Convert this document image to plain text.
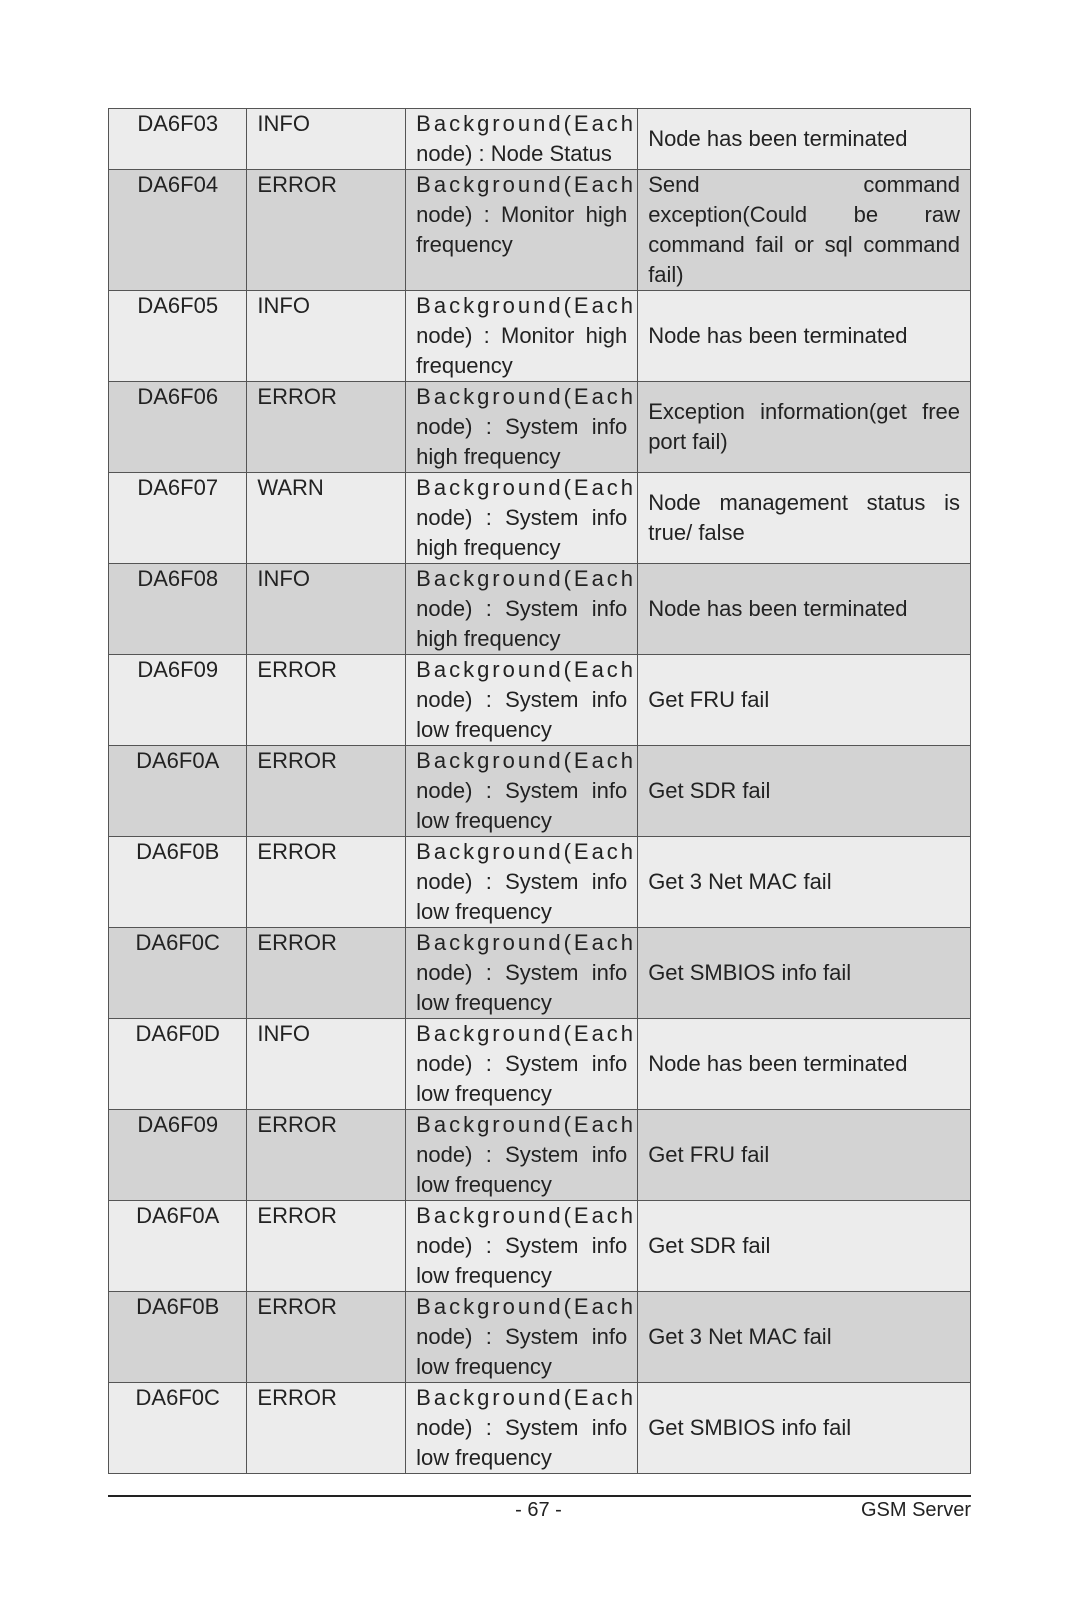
DA6F03	INFO	Background(Each
node) : Node Status	Node has been terminated
DA6F04	ERROR	Background(Each
node) : Monitor high frequency	Send command exception(Could be raw command fail or sql command fail)
DA6F05	INFO	Background(Each
node) : Monitor high frequency	Node has been terminated
DA6F06	ERROR	Background(Each
node) : System info high frequency	Exception information(get free port fail)
DA6F07	WARN	Background(Each
node) : System info high frequency	Node management status is true/ false
DA6F08	INFO	Background(Each
node) : System info high frequency	Node has been terminated
DA6F09	ERROR	Background(Each
node) : System info low frequency	Get FRU fail
DA6F0A	ERROR	Background(Each
node) : System info low frequency	Get SDR fail
DA6F0B	ERROR	Background(Each
node) : System info low frequency	Get 3 Net MAC fail
DA6F0C	ERROR	Background(Each
node) : System info low frequency	Get SMBIOS info fail
DA6F0D	INFO	Background(Each
node) : System info low frequency	Node has been terminated
DA6F09	ERROR	Background(Each
node) : System info low frequency	Get FRU fail
DA6F0A	ERROR	Background(Each
node) : System info low frequency	Get SDR fail
DA6F0B	ERROR	Background(Each
node) : System info low frequency	Get 3 Net MAC fail
DA6F0C	ERROR	Background(Each
node) : System info low frequency	Get SMBIOS info fail
- 67 -	GSM Server
